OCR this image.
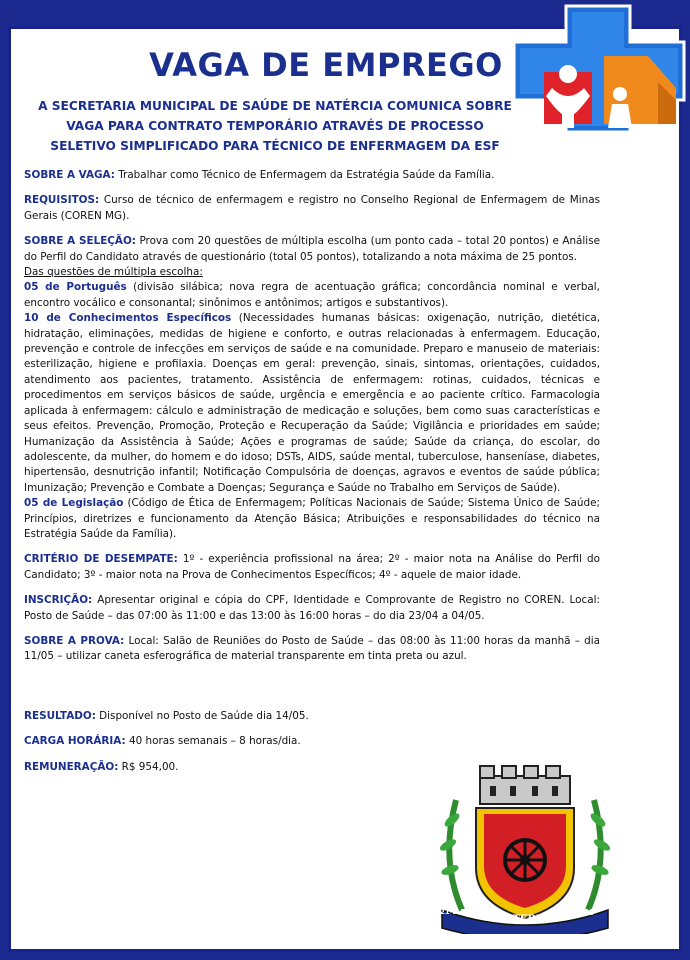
VAGA DE EMPREGO
A SECRETARIA MUNICIPAL DE SAÚDE DE NATÉRCIA COMUNICA SOBRE
VAGA PARA CONTRATO TEMPORÁRIO ATRAVÉS DE PROCESSO
SELETIVO SIMPLIFICADO PARA TÉCNICO DE ENFERMAGEM DA ESF

SOBRE A VAGA: Trabalhar como Técnico de Enfermagem da Estratégia Saúde da Família.

REQUISITOS: Curso de técnico de enfermagem e registro no Conselho Regional de Enfermagem de Minas Gerais (COREN MG).

SOBRE A SELEÇÃO: Prova com 20 questões de múltipla escolha (um ponto cada – total 20 pontos) e Análise do Perfil do Candidato através de questionário (total 05 pontos), totalizando a nota máxima de 25 pontos.

Das questões de múltipla escolha:

05 de Português (divisão silábica; nova regra de acentuação gráfica; concordância nominal e verbal, encontro vocálico e consonantal; sinônimos e antônimos; artigos e substantivos).

10 de Conhecimentos Específicos (Necessidades humanas básicas: oxigenação, nutrição, dietética, hidratação, eliminações, medidas de higiene e conforto, e outras relacionadas à enfermagem. Educação, prevenção e controle de infecções em serviços de saúde e na comunidade. Preparo e manuseio de materiais: esterilização, higiene e profilaxia. Doenças em geral: prevenção, sinais, sintomas, orientações, cuidados, atendimento aos pacientes, tratamento. Assistência de enfermagem: rotinas, cuidados, técnicas e procedimentos em serviços básicos de saúde, urgência e emergência e ao paciente crítico. Farmacologia aplicada à enfermagem: cálculo e administração de medicação e soluções, bem como suas características e seus efeitos. Prevenção, Promoção, Proteção e Recuperação da Saúde; Vigilância e prioridades em saúde; Humanização da Assistência à Saúde; Ações e programas de saúde; Saúde da criança, do escolar, do adolescente, da mulher, do homem e do idoso; DSTs, AIDS, saúde mental, tuberculose, hanseníase, diabetes, hipertensão, desnutrição infantil; Notificação Compulsória de doenças, agravos e eventos de saúde pública; Imunização; Prevenção e Combate a Doenças; Segurança e Saúde no Trabalho em Serviços de Saúde).

05 de Legislação (Código de Ética de Enfermagem; Políticas Nacionais de Saúde; Sistema Único de Saúde; Princípios, diretrizes e funcionamento da Atenção Básica; Atribuições e responsabilidades do técnico na Estratégia Saúde da Família).

CRITÉRIO DE DESEMPATE: 1º - experiência profissional na área; 2º - maior nota na Análise do Perfil do Candidato; 3º - maior nota na Prova de Conhecimentos Específicos; 4º - aquele de maior idade.

INSCRIÇÃO: Apresentar original e cópia do CPF, Identidade e Comprovante de Registro no COREN. Local: Posto de Saúde – das 07:00 às 11:00 e das 13:00 às 16:00 horas – do dia 23/04 a 04/05.

SOBRE A PROVA: Local: Salão de Reuniões do Posto de Saúde – das 08:00 às 11:00 horas da manhã – dia 11/05 – utilizar caneta esferográfica de material transparente em tinta preta ou azul.

RESULTADO: Disponível no Posto de Saúde dia 14/05.

CARGA HORÁRIA: 40 horas semanais – 8 horas/dia.

REMUNERAÇÃO: R$ 954,00.

CATERINA
21-3-1953	1740
